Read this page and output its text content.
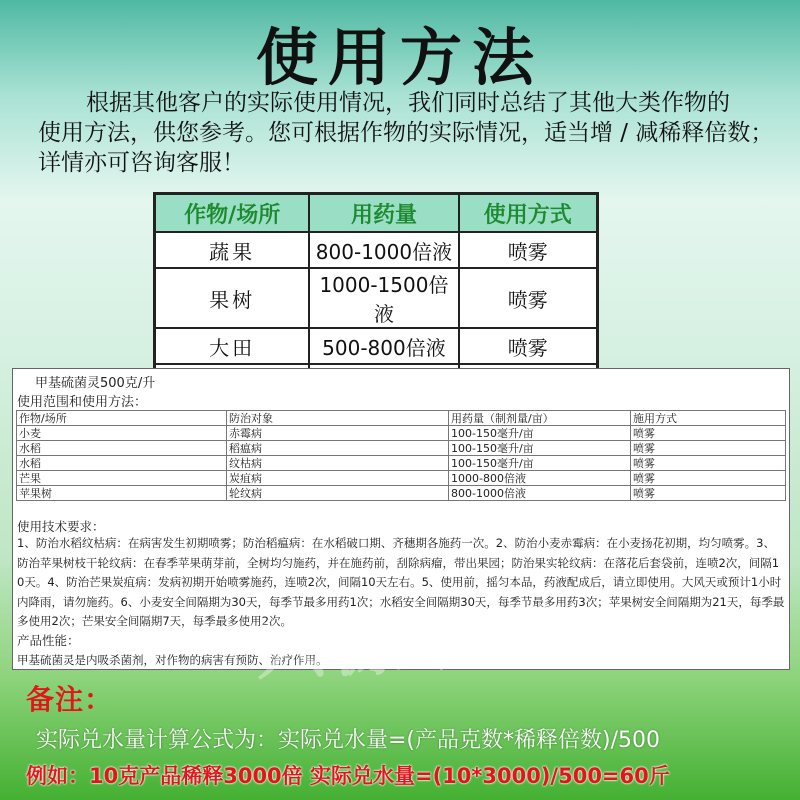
使用方法

根据其他客户的实际使用情况，我们同时总结了其他大类作物的

使用方法，供您参考。您可根据作物的实际情况，适当增 / 减稀释倍数；

详情亦可咨询客服！

作物/场所	用药量	使用方式
蔬果	800-1000倍液	喷雾
果树	1000-1500倍液	喷雾
大田	500-800倍液	喷雾

甲基硫菌灵500克/升
使用范围和使用方法：
作物/场所	防治对象	用药量（制剂量/亩）	施用方式
小麦	赤霉病	100-150毫升/亩	喷雾
水稻	稻瘟病	100-150毫升/亩	喷雾
水稻	纹枯病	100-150毫升/亩	喷雾
芒果	炭疽病	1000-800倍液	喷雾
苹果树	轮纹病	800-1000倍液	喷雾
使用技术要求：
1、防治水稻纹枯病：在病害发生初期喷雾；防治稻瘟病：在水稻破口期、齐穗期各施药一次。2、防治小麦赤霉病：在小麦扬花初期，均匀喷雾。3、防治苹果树枝干轮纹病：在春季苹果萌芽前，全树均匀施药，并在施药前，刮除病瘤，带出果园；防治果实轮纹病：在落花后套袋前，连喷2次，间隔10天。4、防治芒果炭疽病：发病初期开始喷雾施药，连喷2次，间隔10天左右。5、使用前，摇匀本品，药液配成后，请立即使用。大风天或预计1小时内降雨，请勿施药。6、小麦安全间隔期为30天，每季节最多用药1次；水稻安全间隔期30天，每季节最多用药3次；苹果树安全间隔期为21天，每季最多使用2次；芒果安全间隔期7天，每季最多使用2次。
产品性能：
甲基硫菌灵是内吸杀菌剂，对作物的病害有预防、治疗作用。
兴源 ZHENGYUAN
备注：
实际兑水量计算公式为：实际兑水量=(产品克数*稀释倍数)/500
例如：10克产品稀释3000倍 实际兑水量=(10*3000)/500=60斤
